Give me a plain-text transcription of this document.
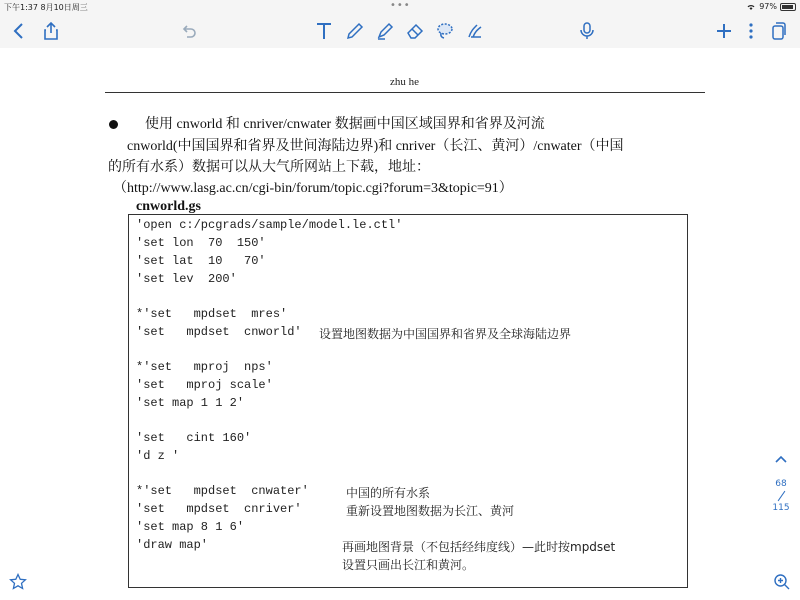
下午1:37 8月10日周三	•••	97%
zhu he
使用 cnworld 和 cnriver/cnwater 数据画中国区域国界和省界及河流
cnworld(中国国界和省界及世间海陆边界)和 cnriver（长江、黄河）/cnwater（中国
的所有水系）数据可以从大气所网站上下载，地址：
（http://www.lasg.ac.cn/cgi-bin/forum/topic.cgi?forum=3&topic=91）
cnworld.gs
'open c:/pcgrads/sample/model.le.ctl'
'set lon  70  150'
'set lat  10   70'
'set lev  200'
*'set   mpdset  mres'
'set   mpdset  cnworld' 设置地图数据为中国国界和省界及全球海陆边界
*'set   mproj  nps'
'set   mproj scale'
'set map 1 1 2'
'set   cint 160'
'd z '
*'set   mpdset  cnwater'	中国的所有水系
'set   mpdset  cnriver'	重新设置地图数据为长江、黄河
'set map 8 1 6'
'draw map'	再画地图背景（不包括经纬度线）—此时按mpdset
设置只画出长江和黄河。
68
115
